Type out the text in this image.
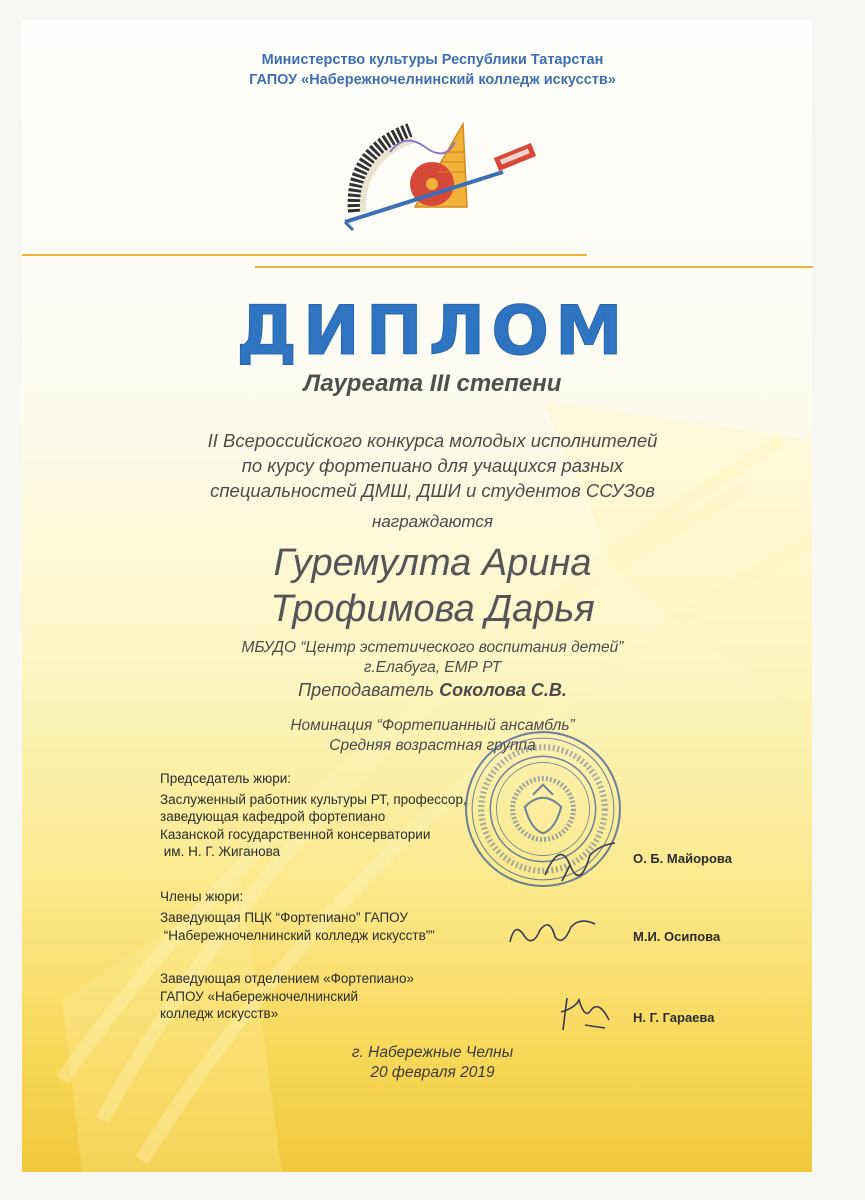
Министерство культуры Республики Татарстан
ГАПОУ «Набережночелнинский колледж искусств»
ДИПЛОМ
Лауреата III степени
II Всероссийского конкурса молодых исполнителей
по курсу фортепиано для учащихся разных
специальностей ДМШ, ДШИ и студентов ССУЗов
награждаются
Гуремулта Арина
Трофимова Дарья
МБУДО “Центр эстетического воспитания детей”
г.Елабуга, ЕМР РТ
Преподаватель Соколова С.В.
Номинация “Фортепианный ансамбль”
Средняя возрастная группа
Председатель жюри:
Заслуженный работник культуры РТ, профессор,
заведующая кафедрой фортепиано
Казанской государственной консерватории
им. Н. Г. Жиганова	О. Б. Майорова
Члены жюри:
Заведующая ПЦК “Фортепиано” ГАПОУ
“Набережночелнинский колледж искусств””	М.И. Осипова
Заведующая отделением «Фортепиано»
ГАПОУ «Набережночелнинский
колледж искусств»	Н. Г. Гараева
г. Набережные Челны
20 февраля 2019
